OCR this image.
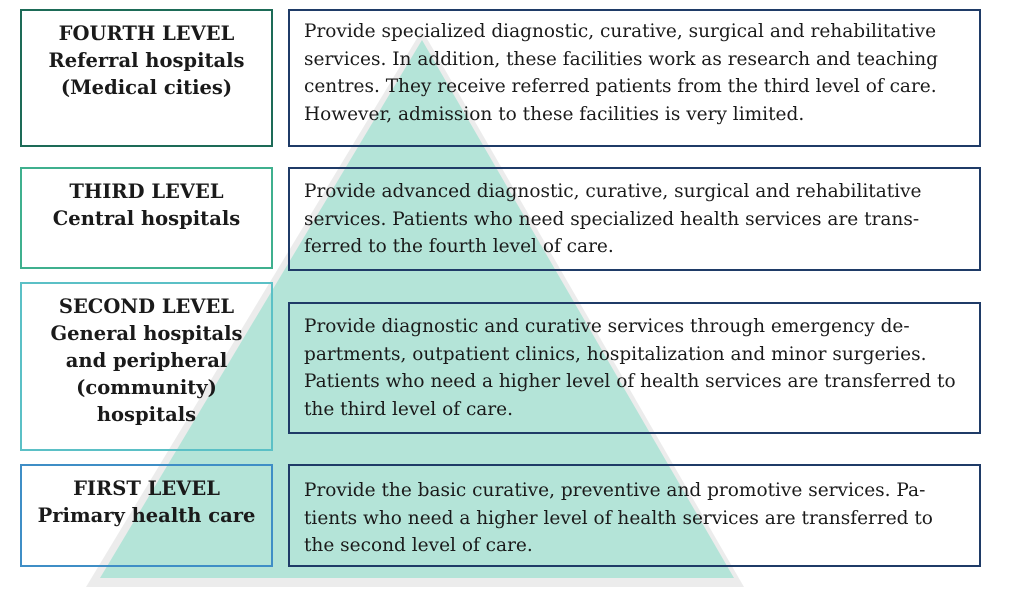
FOURTH LEVEL
Referral hospitals
(Medical cities)
THIRD LEVEL
Central hospitals
SECOND LEVEL
General hospitals
and peripheral
(community)
hospitals
FIRST LEVEL
Primary health care
Provide specialized diagnostic, curative, surgical and rehabilitative
services. In addition, these facilities work as research and teaching
centres. They receive referred patients from the third level of care.
However, admission to these facilities is very limited.
Provide advanced diagnostic, curative, surgical and rehabilitative
services. Patients who need specialized health services are trans-
ferred to the fourth level of care.
Provide diagnostic and curative services through emergency de-
partments, outpatient clinics, hospitalization and minor surgeries.
Patients who need a higher level of health services are transferred to
the third level of care.
Provide the basic curative, preventive and promotive services. Pa-
tients who need a higher level of health services are transferred to
the second level of care.
